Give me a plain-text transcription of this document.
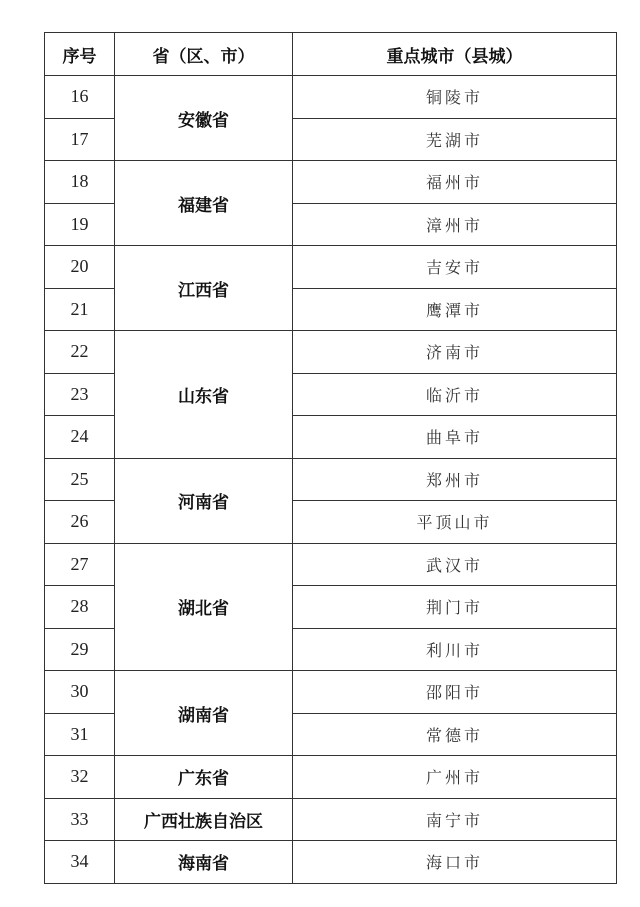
序号	省（区、市）	重点城市（县城）
16	安徽省	铜陵市
17		芜湖市
18	福建省	福州市
19		漳州市
20	江西省	吉安市
21		鹰潭市
22	山东省	济南市
23		临沂市
24		曲阜市
25	河南省	郑州市
26		平顶山市
27	湖北省	武汉市
28		荆门市
29		利川市
30	湖南省	邵阳市
31		常德市
32	广东省	广州市
33	广西壮族自治区	南宁市
34	海南省	海口市
